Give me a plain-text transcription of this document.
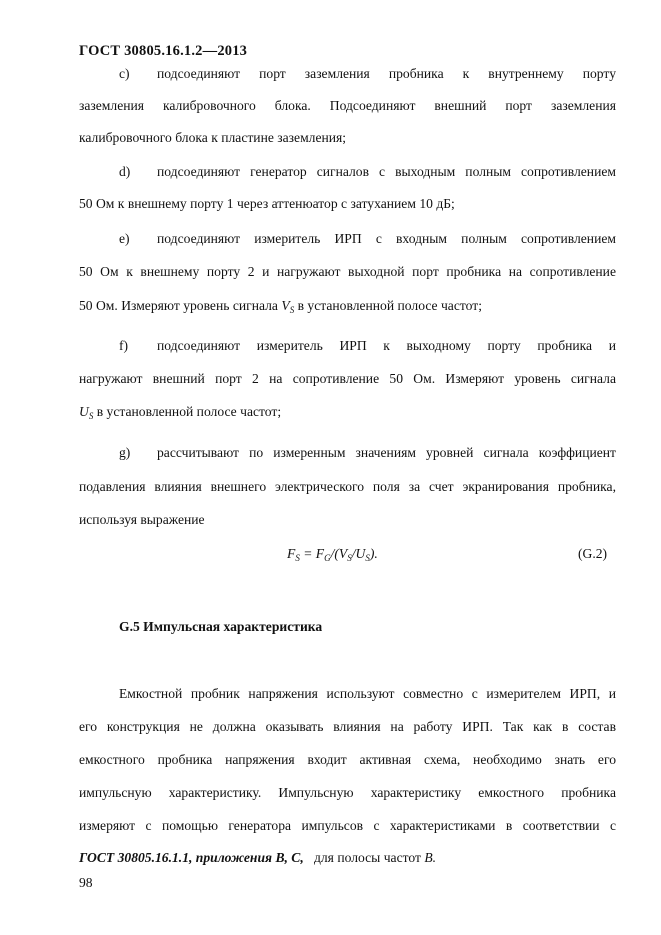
ГОСТ 30805.16.1.2—2013
c) подсоединяют порт заземления пробника к внутреннему порту
заземления калибровочного блока. Подсоединяют внешний порт заземления
калибровочного блока к пластине заземления;
d) подсоединяют генератор сигналов с выходным полным сопротивлением
50 Ом к внешнему порту 1 через аттенюатор с затуханием 10 дБ;
e) подсоединяют измеритель ИРП с входным полным сопротивлением
50 Ом к внешнему порту 2 и нагружают выходной порт пробника на сопротивление
50 Ом. Измеряют уровень сигнала $V_S$ в установленной полосе частот;
f) подсоединяют измеритель ИРП к выходному порту пробника и
нагружают внешний порт 2 на сопротивление 50 Ом. Измеряют уровень сигнала
$U_S$ в установленной полосе частот;
g) рассчитывают по измеренным значениям уровней сигнала коэффициент
подавления влияния внешнего электрического поля за счет экранирования пробника,
используя выражение
$F_S = F_G/(V_S/U_S)$.	(G.2)
G.5 Импульсная характеристика
Емкостной пробник напряжения используют совместно с измерителем ИРП, и
его конструкция не должна оказывать влияния на работу ИРП. Так как в состав
емкостного пробника напряжения входит активная схема, необходимо знать его
импульсную характеристику. Импульсную характеристику емкостного пробника
измеряют с помощью генератора импульсов с характеристиками в соответствии с
ГОСТ 30805.16.1.1, приложения B, C, для полосы частот B.
98
